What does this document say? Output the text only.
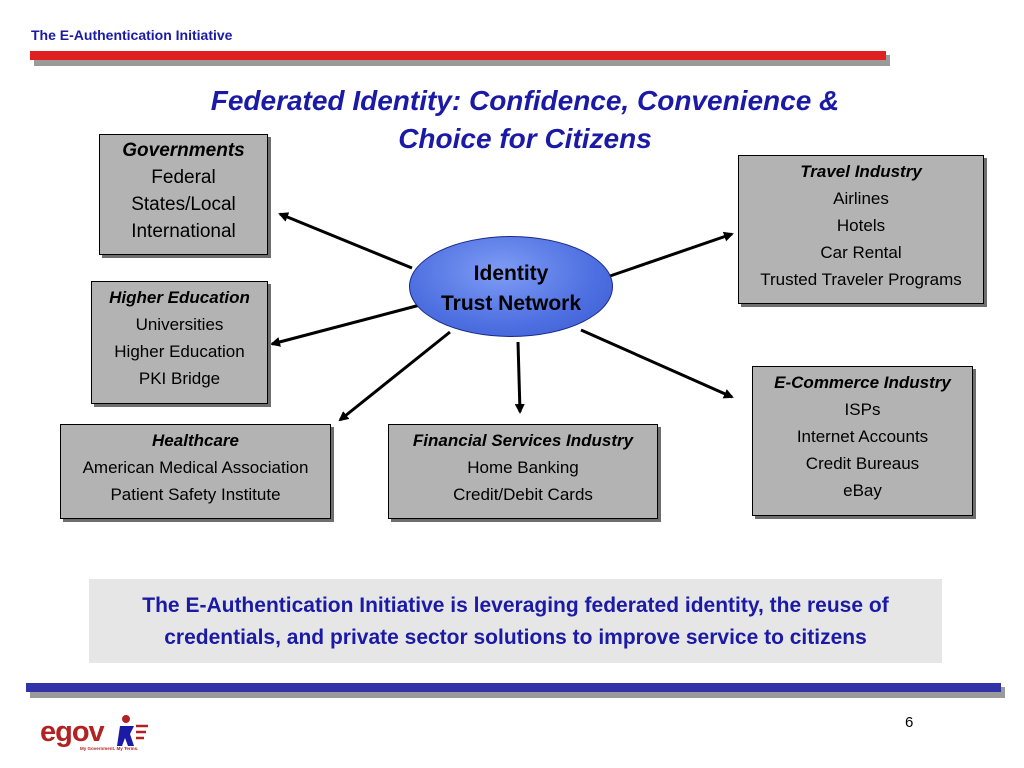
The E-Authentication Initiative
Federated Identity: Confidence, Convenience &
Choice for Citizens
Identity
Trust Network
Governments
Federal
States/Local
International
Higher Education
Universities
Higher Education
PKI Bridge
Healthcare
American Medical Association
Patient Safety Institute
Financial Services Industry
Home Banking
Credit/Debit Cards
Travel Industry
Airlines
Hotels
Car Rental
Trusted Traveler Programs
E-Commerce Industry
ISPs
Internet Accounts
Credit Bureaus
eBay
The E-Authentication Initiative is leveraging federated identity, the reuse of credentials, and private sector solutions to improve service to citizens
egov
My Government. My Terms.
6
